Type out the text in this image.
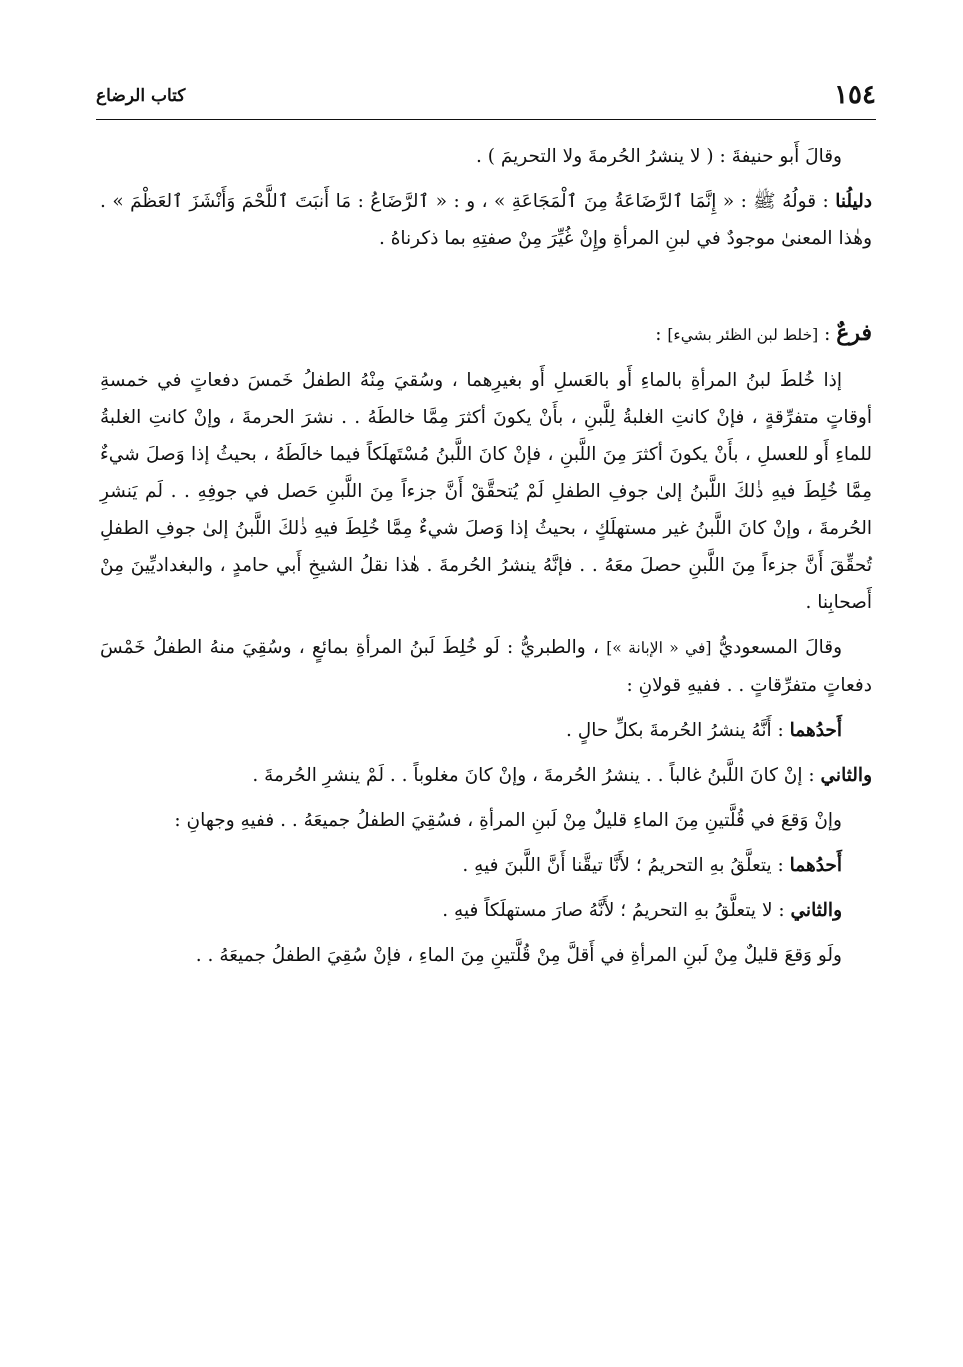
١٥٤
كتاب الرضاع

وقالَ أَبو حنيفةَ : ( لا ينشرُ الحُرمةَ ولا التحريمَ ) .

دليلُنا : قولُهُ ﷺ : « إِنَّمَا ٱلرَّضَاعَةُ مِنَ ٱلْمَجَاعَةِ » ، و : « ٱلرَّضَاعُ : مَا أَنبَتَ ٱللَّحْمَ وَأَنْشَزَ ٱلعَظْمَ » . وهٰذا المعنىٰ موجودٌ في لبنِ المرأةِ وإِنْ غُيِّرَ مِنْ صفتِهِ بما ذكرناهُ .

فرعٌ : [خلط لبن الظئر بشيء] :

إذا خُلطَ لبنُ المرأةِ بالماءِ أَو بالعَسلِ أَو بغيرِهما ، وسُقيَ مِنْهُ الطفلُ خَمسَ دفعاتٍ في خمسةِ أوقاتٍ متفرِّقةٍ ، فإنْ كانتِ الغلبةُ لِلَّبنِ ، بأَنْ يكونَ أكثرَ مِمَّا خالطَهُ . . نشرَ الحرمةَ ، وإنْ كانتِ الغلبةُ للماءِ أَو للعسلِ ، بأَنْ يكونَ أكثرَ مِنَ اللَّبنِ ، فإنْ كانَ اللَّبنُ مُسْتَهلَكاً فيما خالَطَهُ ، بحيثُ إذا وَصلَ شيءٌ مِمَّا خُلِطَ فيهِ ذٰلكَ اللَّبنُ إلىٰ جوفِ الطفلِ لَمْ يُتحقَّقْ أَنَّ جزءاً مِنَ اللَّبنِ حَصل في جوفِهِ . . لَم يَنشرِ الحُرمةَ ، وإنْ كانَ اللَّبنُ غير مستهلَكٍ ، بحيثُ إذا وَصلَ شيءٌ مِمَّا خُلِطَ فيهِ ذٰلكَ اللَّبنُ إلىٰ جوفِ الطفلِ تُحقِّقَ أَنَّ جزءاً مِنَ اللَّبنِ حصلَ معَهُ . . فإنَّهُ ينشرُ الحُرمةَ . هٰذا نقلُ الشيخِ أَبي حامدٍ ، والبغداديِّينَ مِنْ أَصحابِنا .

وقالَ المسعوديُّ [في « الإبانة »] ، والطبريُّ : لَو خُلِطَ لَبنُ المرأةِ بمائعٍ ، وسُقِيَ منهُ الطفلُ خَمْسَ دفعاتٍ متفرِّقاتٍ . . ففيهِ قولانِ :

أَحدُهما : أَنَّهُ ينشرُ الحُرمةَ بكلِّ حالٍ .

والثاني : إنْ كانَ اللَّبنُ غالباً . . ينشرُ الحُرمةَ ، وإنْ كانَ مغلوباً . . لَمْ ينشرِ الحُرمةَ .

وإنْ وَقعَ في قُلَّتينِ مِنَ الماءِ قليلٌ مِنْ لَبنِ المرأةِ ، فسُقِيَ الطفلُ جميعَهُ . . ففيهِ وجهانِ :

أَحدُهما : يتعلَّقُ بهِ التحريمُ ؛ لأَنَّا تيقَّنا أَنَّ اللَّبنَ فيهِ .

والثاني : لا يتعلَّقُ بهِ التحريمُ ؛ لأَنَّهُ صارَ مستهلَكاً فيهِ .

ولَو وَقعَ قليلٌ مِنْ لَبنِ المرأةِ في أَقلَّ مِنْ قُلَّتينِ مِنَ الماءِ ، فإنْ سُقِيَ الطفلُ جميعَهُ . .
